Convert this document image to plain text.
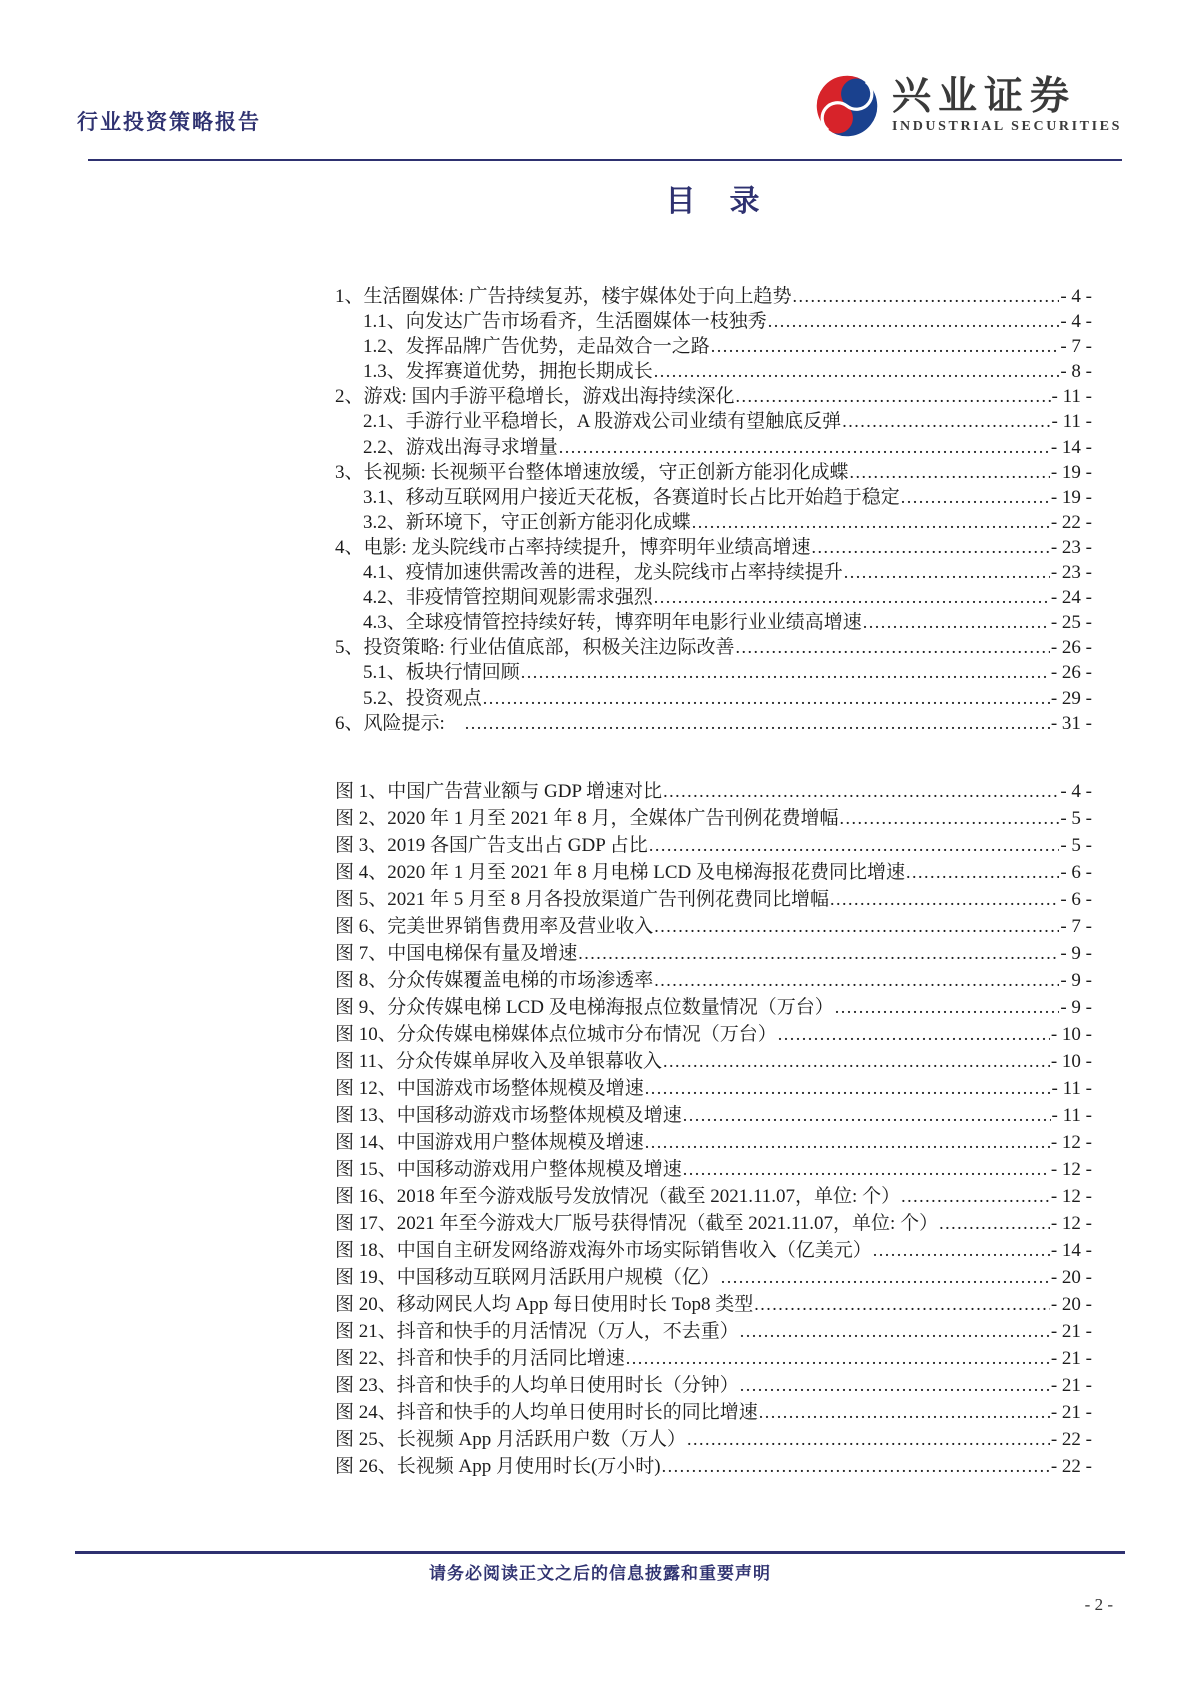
行业投资策略报告
兴业证券
INDUSTRIAL SECURITIES
目　录
1、生活圈媒体: 广告持续复苏，楼宇媒体处于向上趋势 .....	- 4 -
1.1、向发达广告市场看齐，生活圈媒体一枝独秀 .....	- 4 -
1.2、发挥品牌广告优势，走品效合一之路 .....	- 7 -
1.3、发挥赛道优势，拥抱长期成长 .....	- 8 -
2、游戏: 国内手游平稳增长，游戏出海持续深化 .....	- 11 -
2.1、手游行业平稳增长，A 股游戏公司业绩有望触底反弹 .....	- 11 -
2.2、游戏出海寻求增量 .....	- 14 -
3、长视频: 长视频平台整体增速放缓，守正创新方能羽化成蝶 .....	- 19 -
3.1、移动互联网用户接近天花板，各赛道时长占比开始趋于稳定 .....	- 19 -
3.2、新环境下，守正创新方能羽化成蝶 .....	- 22 -
4、电影: 龙头院线市占率持续提升，博弈明年业绩高增速 .....	- 23 -
4.1、疫情加速供需改善的进程，龙头院线市占率持续提升 .....	- 23 -
4.2、非疫情管控期间观影需求强烈 .....	- 24 -
4.3、全球疫情管控持续好转，博弈明年电影行业业绩高增速 .....	- 25 -
5、投资策略: 行业估值底部，积极关注边际改善 .....	- 26 -
5.1、板块行情回顾 .....	- 26 -
5.2、投资观点 .....	- 29 -
6、风险提示:　 .....	- 31 -
图 1、中国广告营业额与 GDP 增速对比 .....	- 4 -
图 2、2020 年 1 月至 2021 年 8 月，全媒体广告刊例花费增幅 .....	- 5 -
图 3、2019 各国广告支出占 GDP 占比 .....	- 5 -
图 4、2020 年 1 月至 2021 年 8 月电梯 LCD 及电梯海报花费同比增速 .....	- 6 -
图 5、2021 年 5 月至 8 月各投放渠道广告刊例花费同比增幅 .....	- 6 -
图 6、完美世界销售费用率及营业收入 .....	- 7 -
图 7、中国电梯保有量及增速 .....	- 9 -
图 8、分众传媒覆盖电梯的市场渗透率 .....	- 9 -
图 9、分众传媒电梯 LCD 及电梯海报点位数量情况（万台） .....	- 9 -
图 10、分众传媒电梯媒体点位城市分布情况（万台） .....	- 10 -
图 11、分众传媒单屏收入及单银幕收入 .....	- 10 -
图 12、中国游戏市场整体规模及增速 .....	- 11 -
图 13、中国移动游戏市场整体规模及增速 .....	- 11 -
图 14、中国游戏用户整体规模及增速 .....	- 12 -
图 15、中国移动游戏用户整体规模及增速 .....	- 12 -
图 16、2018 年至今游戏版号发放情况（截至 2021.11.07，单位: 个） .....	- 12 -
图 17、2021 年至今游戏大厂版号获得情况（截至 2021.11.07，单位: 个） .....	- 12 -
图 18、中国自主研发网络游戏海外市场实际销售收入（亿美元） .....	- 14 -
图 19、中国移动互联网月活跃用户规模（亿） .....	- 20 -
图 20、移动网民人均 App 每日使用时长 Top8 类型 .....	- 20 -
图 21、抖音和快手的月活情况（万人，不去重） .....	- 21 -
图 22、抖音和快手的月活同比增速 .....	- 21 -
图 23、抖音和快手的人均单日使用时长（分钟） .....	- 21 -
图 24、抖音和快手的人均单日使用时长的同比增速 .....	- 21 -
图 25、长视频 App 月活跃用户数（万人） .....	- 22 -
图 26、长视频 App 月使用时长(万小时) .....	- 22 -
请务必阅读正文之后的信息披露和重要声明
- 2 -
